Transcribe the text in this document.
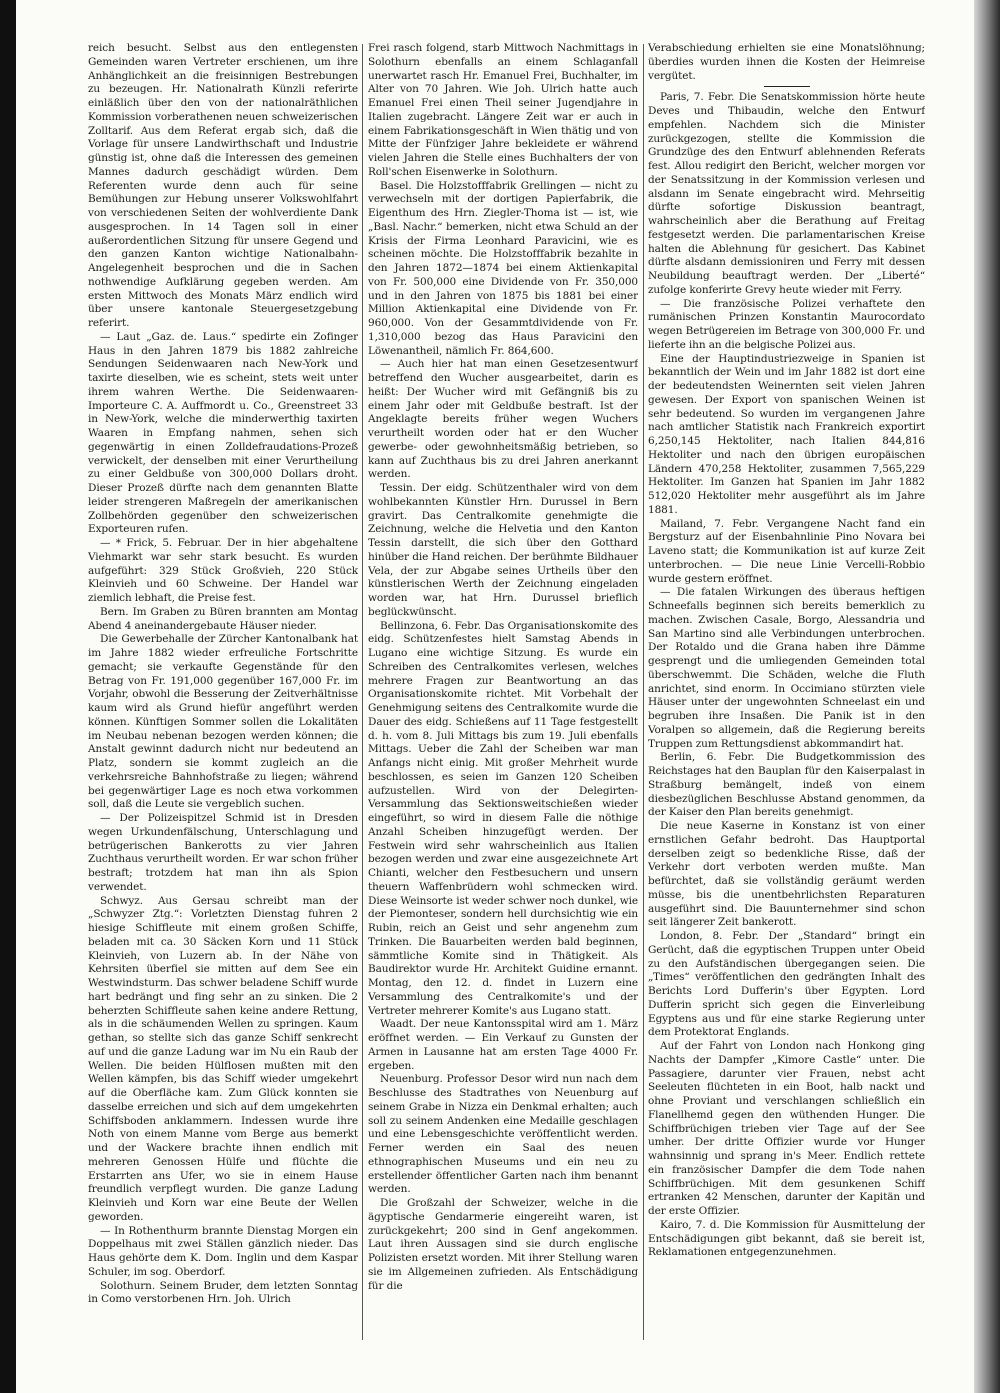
reich besucht. Selbst aus den entlegensten Gemeinden waren Vertreter erschienen, um ihre Anhänglichkeit an die freisinnigen Bestrebungen zu bezeugen. Hr. Nationalrath Künzli referirte einläßlich über den von der nationalräthlichen Kommission vorberathenen neuen schweizerischen Zolltarif. Aus dem Referat ergab sich, daß die Vorlage für unsere Landwirthschaft und Industrie günstig ist, ohne daß die Interessen des gemeinen Mannes dadurch geschädigt würden. Dem Referenten wurde denn auch für seine Bemühungen zur Hebung unserer Volkswohlfahrt von verschiedenen Seiten der wohlverdiente Dank ausgesprochen. In 14 Tagen soll in einer außerordentlichen Sitzung für unsere Gegend und den ganzen Kanton wichtige Nationalbahn-Angelegenheit besprochen und die in Sachen nothwendige Aufklärung gegeben werden. Am ersten Mittwoch des Monats März endlich wird über unsere kantonale Steuergesetzgebung referirt.

— Laut „Gaz. de. Laus.“ spedirte ein Zofinger Haus in den Jahren 1879 bis 1882 zahlreiche Sendungen Seidenwaaren nach New-York und taxirte dieselben, wie es scheint, stets weit unter ihrem wahren Werthe. Die Seidenwaaren-Importeure C. A. Auffmordt u. Co., Greenstreet 33 in New-York, welche die minderwerthig taxirten Waaren in Empfang nahmen, sehen sich gegenwärtig in einen Zolldefraudations-Prozeß verwickelt, der denselben mit einer Verurtheilung zu einer Geldbuße von 300,000 Dollars droht. Dieser Prozeß dürfte nach dem genannten Blatte leider strengeren Maßregeln der amerikanischen Zollbehörden gegenüber den schweizerischen Exporteuren rufen.

— * Frick, 5. Februar. Der in hier abgehaltene Viehmarkt war sehr stark besucht. Es wurden aufgeführt: 329 Stück Großvieh, 220 Stück Kleinvieh und 60 Schweine. Der Handel war ziemlich lebhaft, die Preise fest.

Bern. Im Graben zu Büren brannten am Montag Abend 4 aneinandergebaute Häuser nieder.

Die Gewerbehalle der Zürcher Kantonalbank hat im Jahre 1882 wieder erfreuliche Fortschritte gemacht; sie verkaufte Gegenstände für den Betrag von Fr. 191,000 gegenüber 167,000 Fr. im Vorjahr, obwohl die Besserung der Zeitverhältnisse kaum wird als Grund hiefür angeführt werden können. Künftigen Sommer sollen die Lokalitäten im Neubau nebenan bezogen werden können; die Anstalt gewinnt dadurch nicht nur bedeutend an Platz, sondern sie kommt zugleich an die verkehrsreiche Bahnhofstraße zu liegen; während bei gegenwärtiger Lage es noch etwa vorkommen soll, daß die Leute sie vergeblich suchen.

— Der Polizeispitzel Schmid ist in Dresden wegen Urkundenfälschung, Unterschlagung und betrügerischen Bankerotts zu vier Jahren Zuchthaus verurtheilt worden. Er war schon früher bestraft; trotzdem hat man ihn als Spion verwendet.

Schwyz. Aus Gersau schreibt man der „Schwyzer Ztg.“: Vorletzten Dienstag fuhren 2 hiesige Schiffleute mit einem großen Schiffe, beladen mit ca. 30 Säcken Korn und 11 Stück Kleinvieh, von Luzern ab. In der Nähe von Kehrsiten überfiel sie mitten auf dem See ein Westwindsturm. Das schwer beladene Schiff wurde hart bedrängt und fing sehr an zu sinken. Die 2 beherzten Schiffleute sahen keine andere Rettung, als in die schäumenden Wellen zu springen. Kaum gethan, so stellte sich das ganze Schiff senkrecht auf und die ganze Ladung war im Nu ein Raub der Wellen. Die beiden Hülflosen mußten mit den Wellen kämpfen, bis das Schiff wieder umgekehrt auf die Oberfläche kam. Zum Glück konnten sie dasselbe erreichen und sich auf dem umgekehrten Schiffsboden anklammern. Indessen wurde ihre Noth von einem Manne vom Berge aus bemerkt und der Wackere brachte ihnen endlich mit mehreren Genossen Hülfe und flüchte die Erstarrten ans Ufer, wo sie in einem Hause freundlich verpflegt wurden. Die ganze Ladung Kleinvieh und Korn war eine Beute der Wellen geworden.

— In Rothenthurm brannte Dienstag Morgen ein Doppelhaus mit zwei Ställen gänzlich nieder. Das Haus gehörte dem K. Dom. Inglin und dem Kaspar Schuler, im sog. Oberdorf.

Solothurn. Seinem Bruder, dem letzten Sonntag in Como verstorbenen Hrn. Joh. Ulrich

Frei rasch folgend, starb Mittwoch Nachmittags in Solothurn ebenfalls an einem Schlaganfall unerwartet rasch Hr. Emanuel Frei, Buchhalter, im Alter von 70 Jahren. Wie Joh. Ulrich hatte auch Emanuel Frei einen Theil seiner Jugendjahre in Italien zugebracht. Längere Zeit war er auch in einem Fabrikationsgeschäft in Wien thätig und von Mitte der Fünfziger Jahre bekleidete er während vielen Jahren die Stelle eines Buchhalters der von Roll'schen Eisenwerke in Solothurn.

Basel. Die Holzstofffabrik Grellingen — nicht zu verwechseln mit der dortigen Papierfabrik, die Eigenthum des Hrn. Ziegler-Thoma ist — ist, wie „Basl. Nachr.“ bemerken, nicht etwa Schuld an der Krisis der Firma Leonhard Paravicini, wie es scheinen möchte. Die Holzstofffabrik bezahlte in den Jahren 1872—1874 bei einem Aktienkapital von Fr. 500,000 eine Dividende von Fr. 350,000 und in den Jahren von 1875 bis 1881 bei einer Million Aktienkapital eine Dividende von Fr. 960,000. Von der Gesammtdividende von Fr. 1,310,000 bezog das Haus Paravicini den Löwenantheil, nämlich Fr. 864,600.

— Auch hier hat man einen Gesetzesentwurf betreffend den Wucher ausgearbeitet, darin es heißt: Der Wucher wird mit Gefängniß bis zu einem Jahr oder mit Geldbuße bestraft. Ist der Angeklagte bereits früher wegen Wuchers verurtheilt worden oder hat er den Wucher gewerbe- oder gewohnheitsmäßig betrieben, so kann auf Zuchthaus bis zu drei Jahren anerkannt werden.

Tessin. Der eidg. Schützenthaler wird von dem wohlbekannten Künstler Hrn. Durussel in Bern gravirt. Das Centralkomite genehmigte die Zeichnung, welche die Helvetia und den Kanton Tessin darstellt, die sich über den Gotthard hinüber die Hand reichen. Der berühmte Bildhauer Vela, der zur Abgabe seines Urtheils über den künstlerischen Werth der Zeichnung eingeladen worden war, hat Hrn. Durussel brieflich beglückwünscht.

Bellinzona, 6. Febr. Das Organisationskomite des eidg. Schützenfestes hielt Samstag Abends in Lugano eine wichtige Sitzung. Es wurde ein Schreiben des Centralkomites verlesen, welches mehrere Fragen zur Beantwortung an das Organisationskomite richtet. Mit Vorbehalt der Genehmigung seitens des Centralkomite wurde die Dauer des eidg. Schießens auf 11 Tage festgestellt d. h. vom 8. Juli Mittags bis zum 19. Juli ebenfalls Mittags. Ueber die Zahl der Scheiben war man Anfangs nicht einig. Mit großer Mehrheit wurde beschlossen, es seien im Ganzen 120 Scheiben aufzustellen. Wird von der Delegirten-Versammlung das Sektionsweitschießen wieder eingeführt, so wird in diesem Falle die nöthige Anzahl Scheiben hinzugefügt werden. Der Festwein wird sehr wahrscheinlich aus Italien bezogen werden und zwar eine ausgezeichnete Art Chianti, welcher den Festbesuchern und unsern theuern Waffenbrüdern wohl schmecken wird. Diese Weinsorte ist weder schwer noch dunkel, wie der Piemonteser, sondern hell durchsichtig wie ein Rubin, reich an Geist und sehr angenehm zum Trinken. Die Bauarbeiten werden bald beginnen, sämmtliche Komite sind in Thätigkeit. Als Baudirektor wurde Hr. Architekt Guidine ernannt. Montag, den 12. d. findet in Luzern eine Versammlung des Centralkomite's und der Vertreter mehrerer Komite's aus Lugano statt.

Waadt. Der neue Kantonsspital wird am 1. März eröffnet werden. — Ein Verkauf zu Gunsten der Armen in Lausanne hat am ersten Tage 4000 Fr. ergeben.

Neuenburg. Professor Desor wird nun nach dem Beschlusse des Stadtrathes von Neuenburg auf seinem Grabe in Nizza ein Denkmal erhalten; auch soll zu seinem Andenken eine Medaille geschlagen und eine Lebensgeschichte veröffentlicht werden. Ferner werden ein Saal des neuen ethnographischen Museums und ein neu zu erstellender öffentlicher Garten nach ihm benannt werden.

Die Großzahl der Schweizer, welche in die ägyptische Gendarmerie eingereiht waren, ist zurückgekehrt; 200 sind in Genf angekommen. Laut ihren Aussagen sind sie durch englische Polizisten ersetzt worden. Mit ihrer Stellung waren sie im Allgemeinen zufrieden. Als Entschädigung für die

Verabschiedung erhielten sie eine Monatslöhnung; überdies wurden ihnen die Kosten der Heimreise vergütet.

Paris, 7. Febr. Die Senatskommission hörte heute Deves und Thibaudin, welche den Entwurf empfehlen. Nachdem sich die Minister zurückgezogen, stellte die Kommission die Grundzüge des den Entwurf ablehnenden Referats fest. Allou redigirt den Bericht, welcher morgen vor der Senatssitzung in der Kommission verlesen und alsdann im Senate eingebracht wird. Mehrseitig dürfte sofortige Diskussion beantragt, wahrscheinlich aber die Berathung auf Freitag festgesetzt werden. Die parlamentarischen Kreise halten die Ablehnung für gesichert. Das Kabinet dürfte alsdann demissioniren und Ferry mit dessen Neubildung beauftragt werden. Der „Liberté“ zufolge konferirte Grevy heute wieder mit Ferry.

— Die französische Polizei verhaftete den rumänischen Prinzen Konstantin Maurocordato wegen Betrügereien im Betrage von 300,000 Fr. und lieferte ihn an die belgische Polizei aus.

Eine der Hauptindustriezweige in Spanien ist bekanntlich der Wein und im Jahr 1882 ist dort eine der bedeutendsten Weinernten seit vielen Jahren gewesen. Der Export von spanischen Weinen ist sehr bedeutend. So wurden im vergangenen Jahre nach amtlicher Statistik nach Frankreich exportirt 6,250,145 Hektoliter, nach Italien 844,816 Hektoliter und nach den übrigen europäischen Ländern 470,258 Hektoliter, zusammen 7,565,229 Hektoliter. Im Ganzen hat Spanien im Jahr 1882 512,020 Hektoliter mehr ausgeführt als im Jahre 1881.

Mailand, 7. Febr. Vergangene Nacht fand ein Bergsturz auf der Eisenbahnlinie Pino Novara bei Laveno statt; die Kommunikation ist auf kurze Zeit unterbrochen. — Die neue Linie Vercelli-Robbio wurde gestern eröffnet.

— Die fatalen Wirkungen des überaus heftigen Schneefalls beginnen sich bereits bemerklich zu machen. Zwischen Casale, Borgo, Alessandria und San Martino sind alle Verbindungen unterbrochen. Der Rotaldo und die Grana haben ihre Dämme gesprengt und die umliegenden Gemeinden total überschwemmt. Die Schäden, welche die Fluth anrichtet, sind enorm. In Occimiano stürzten viele Häuser unter der ungewohnten Schneelast ein und begruben ihre Insaßen. Die Panik ist in den Voralpen so allgemein, daß die Regierung bereits Truppen zum Rettungsdienst abkommandirt hat.

Berlin, 6. Febr. Die Budgetkommission des Reichstages hat den Bauplan für den Kaiserpalast in Straßburg bemängelt, indeß von einem diesbezüglichen Beschlusse Abstand genommen, da der Kaiser den Plan bereits genehmigt.

Die neue Kaserne in Konstanz ist von einer ernstlichen Gefahr bedroht. Das Hauptportal derselben zeigt so bedenkliche Risse, daß der Verkehr dort verboten werden mußte. Man befürchtet, daß sie vollständig geräumt werden müsse, bis die unentbehrlichsten Reparaturen ausgeführt sind. Die Bauunternehmer sind schon seit längerer Zeit bankerott.

London, 8. Febr. Der „Standard“ bringt ein Gerücht, daß die egyptischen Truppen unter Obeid zu den Aufständischen übergegangen seien. Die „Times“ veröffentlichen den gedrängten Inhalt des Berichts Lord Dufferin's über Egypten. Lord Dufferin spricht sich gegen die Einverleibung Egyptens aus und für eine starke Regierung unter dem Protektorat Englands.

Auf der Fahrt von London nach Honkong ging Nachts der Dampfer „Kimore Castle“ unter. Die Passagiere, darunter vier Frauen, nebst acht Seeleuten flüchteten in ein Boot, halb nackt und ohne Proviant und verschlangen schließlich ein Flanellhemd gegen den wüthenden Hunger. Die Schiffbrüchigen trieben vier Tage auf der See umher. Der dritte Offizier wurde vor Hunger wahnsinnig und sprang in's Meer. Endlich rettete ein französischer Dampfer die dem Tode nahen Schiffbrüchigen. Mit dem gesunkenen Schiff ertranken 42 Menschen, darunter der Kapitän und der erste Offizier.

Kairo, 7. d. Die Kommission für Ausmittelung der Entschädigungen gibt bekannt, daß sie bereit ist, Reklamationen entgegenzunehmen.
